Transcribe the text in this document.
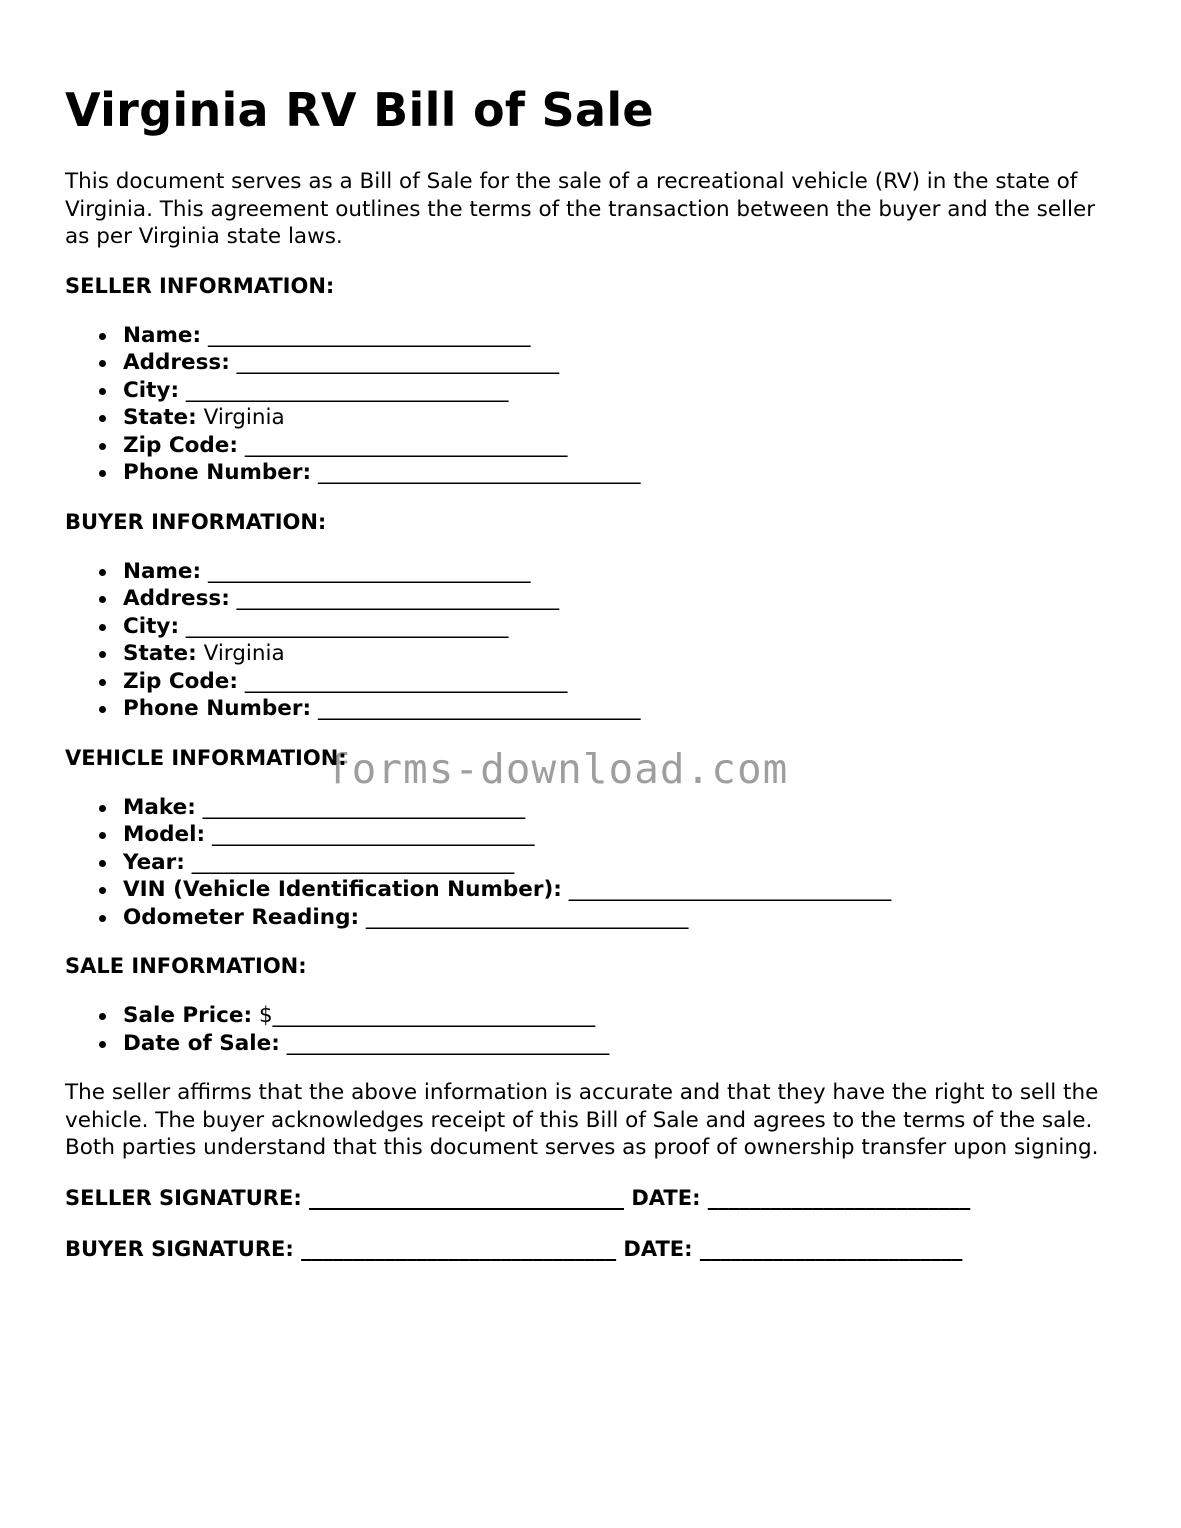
Virginia RV Bill of Sale

This document serves as a Bill of Sale for the sale of a recreational vehicle (RV) in the state of Virginia. This agreement outlines the terms of the transaction between the buyer and the seller as per Virginia state laws.

SELLER INFORMATION:
Name: ______________________________
Address: ______________________________
City: ______________________________
State: Virginia
Zip Code: ______________________________
Phone Number: ______________________________
BUYER INFORMATION:
Name: ______________________________
Address: ______________________________
City: ______________________________
State: Virginia
Zip Code: ______________________________
Phone Number: ______________________________
VEHICLE INFORMATION:
Make: ______________________________
Model: ______________________________
Year: ______________________________
VIN (Vehicle Identification Number): ______________________________
Odometer Reading: ______________________________
SALE INFORMATION:
Sale Price: $______________________________
Date of Sale: ______________________________

The seller affirms that the above information is accurate and that they have the right to sell the vehicle. The buyer acknowledges receipt of this Bill of Sale and agrees to the terms of the sale. Both parties understand that this document serves as proof of ownership transfer upon signing.

SELLER SIGNATURE: ______________________________ DATE: _________________________
BUYER SIGNATURE: ______________________________ DATE: _________________________
forms-download.com
